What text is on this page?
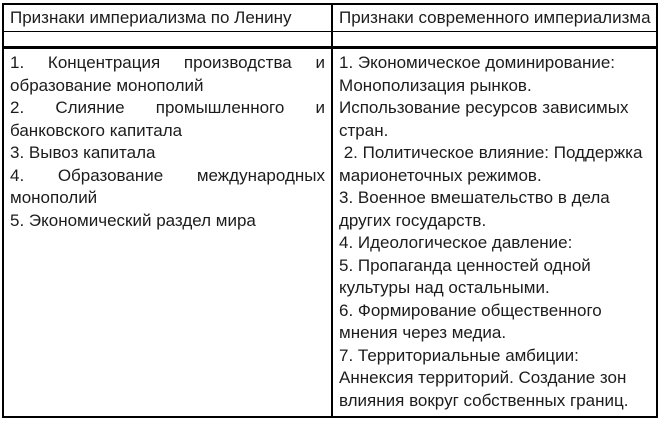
Признаки империализма по Ленину	Признаки современного империализма
1. Концентрация производства и
образование монополий
2. Слияние промышленного и
банковского капитала
3. Вывоз капитала
4. Образование международных
монополий
5. Экономический раздел мира
1. Экономическое доминирование:
Монополизация рынков.
Использование ресурсов зависимых
стран.
2. Политическое влияние: Поддержка
марионеточных режимов.
3. Военное вмешательство в дела
других государств.
4. Идеологическое давление:
5. Пропаганда ценностей одной
культуры над остальными.
6. Формирование общественного
мнения через медиа.
7. Территориальные амбиции:
Аннексия территорий. Создание зон
влияния вокруг собственных границ.
